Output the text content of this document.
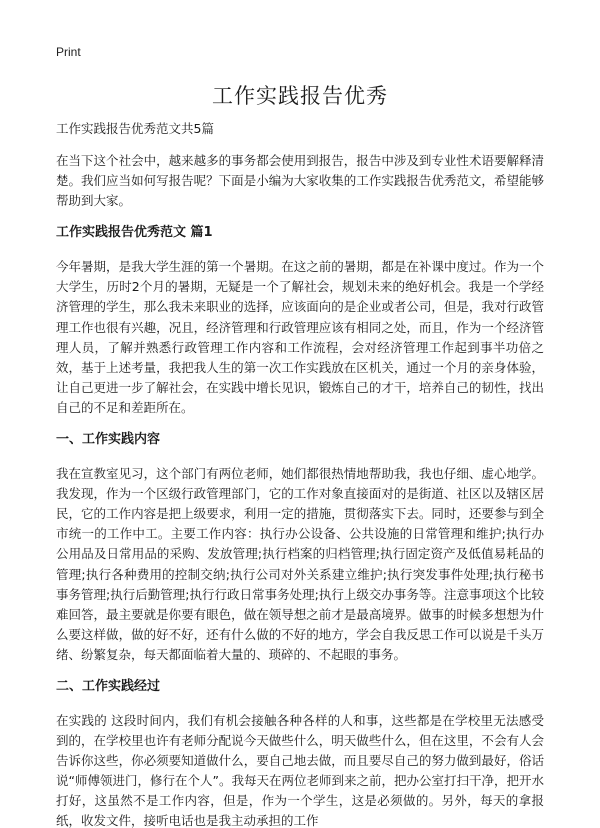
Print
工作实践报告优秀
工作实践报告优秀范文共5篇

在当下这个社会中，越来越多的事务都会使用到报告，报告中涉及到专业性术语要解释清楚。我们应当如何写报告呢？下面是小编为大家收集的工作实践报告优秀范文，希望能够帮助到大家。

工作实践报告优秀范文 篇1

今年暑期，是我大学生涯的第一个暑期。在这之前的暑期，都是在补课中度过。作为一个大学生，历时2个月的暑期，无疑是一个了解社会，规划未来的绝好机会。我是一个学经济管理的学生，那么我未来职业的选择，应该面向的是企业或者公司，但是，我对行政管理工作也很有兴趣，况且，经济管理和行政管理应该有相同之处，而且，作为一个经济管理人员，了解并熟悉行政管理工作内容和工作流程，会对经济管理工作起到事半功倍之效，基于上述考量，我把我人生的第一次工作实践放在区机关，通过一个月的亲身体验，让自己更进一步了解社会，在实践中增长见识，锻炼自己的才干，培养自己的韧性，找出自己的不足和差距所在。

一、工作实践内容

我在宣教室见习，这个部门有两位老师，她们都很热情地帮助我，我也仔细、虚心地学。我发现，作为一个区级行政管理部门，它的工作对象直接面对的是街道、社区以及辖区居民，它的工作内容是把上级要求，利用一定的措施，贯彻落实下去。同时，还要参与到全市统一的工作中工。主要工作内容：执行办公设备、公共设施的日常管理和维护;执行办公用品及日常用品的采购、发放管理;执行档案的归档管理;执行固定资产及低值易耗品的管理;执行各种费用的控制交纳;执行公司对外关系建立维护;执行突发事件处理;执行秘书事务管理;执行后勤管理;执行行政日常事务处理;执行上级交办事务等。注意事项这个比较难回答，最主要就是你要有眼色，做在领导想之前才是最高境界。做事的时候多想想为什么要这样做，做的好不好，还有什么做的不好的地方，学会自我反思工作可以说是千头万绪、纷繁复杂，每天都面临着大量的、琐碎的、不起眼的事务。

二、工作实践经过

在实践的 这段时间内，我们有机会接触各种各样的人和事，这些都是在学校里无法感受到的，在学校里也许有老师分配说今天做些什么，明天做些什么，但在这里，不会有人会告诉你这些，你必须要知道做什么，要自己地去做，而且要尽自己的努力做到最好，俗话说“师傅领进门，修行在个人”。我每天在两位老师到来之前，把办公室打扫干净，把开水打好，这虽然不是工作内容，但是，作为一个学生，这是必须做的。另外，每天的拿报纸，收发文件，接听电话也是我主动承担的工作
